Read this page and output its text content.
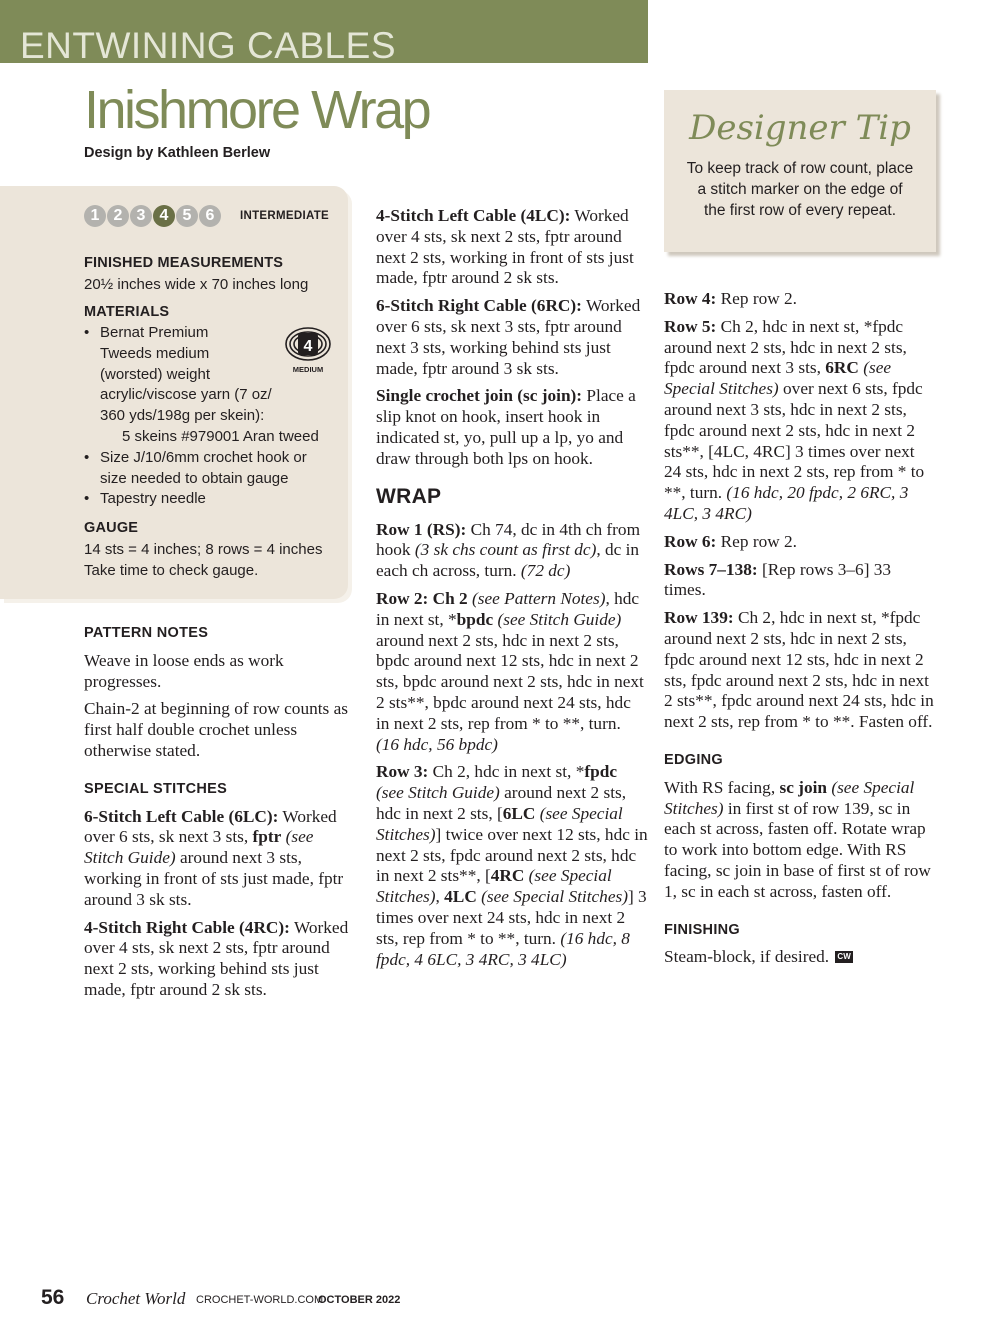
ENTWINING CABLES
Inishmore Wrap
Design by Kathleen Berlew
1 2 3 4 5 6	INTERMEDIATE
FINISHED MEASUREMENTS
20½ inches wide x 70 inches long
MATERIALS
• Bernat Premium
Tweeds medium
(worsted) weight
acrylic/viscose yarn (7 oz/
360 yds/198g per skein):
5 skeins #979001 Aran tweed
• Size J/10/6mm crochet hook or
size needed to obtain gauge
• Tapestry needle
4
MEDIUM
GAUGE
14 sts = 4 inches; 8 rows = 4 inches
Take time to check gauge.
PATTERN NOTES

Weave in loose ends as work progresses.

Chain-2 at beginning of row counts as first half double crochet unless otherwise stated.

SPECIAL STITCHES

6-Stitch Left Cable (6LC): Worked over 6 sts, sk next 3 sts, fptr (see Stitch Guide) around next 3 sts, working in front of sts just made, fptr around 3 sk sts.

4-Stitch Right Cable (4RC): Worked over 4 sts, sk next 2 sts, fptr around next 2 sts, working behind sts just made, fptr around 2 sk sts.

4-Stitch Left Cable (4LC): Worked over 4 sts, sk next 2 sts, fptr around next 2 sts, working in front of sts just made, fptr around 2 sk sts.

6-Stitch Right Cable (6RC): Worked over 6 sts, sk next 3 sts, fptr around next 3 sts, working behind sts just made, fptr around 3 sk sts.

Single crochet join (sc join): Place a slip knot on hook, insert hook in indicated st, yo, pull up a lp, yo and draw through both lps on hook.

WRAP

Row 1 (RS): Ch 74, dc in 4th ch from hook (3 sk chs count as first dc), dc in each ch across, turn. (72 dc)

Row 2: Ch 2 (see Pattern Notes), hdc in next st, *bpdc (see Stitch Guide) around next 2 sts, hdc in next 2 sts, bpdc around next 12 sts, hdc in next 2 sts, bpdc around next 2 sts, hdc in next 2 sts**, bpdc around next 24 sts, hdc in next 2 sts, rep from * to **, turn. (16 hdc, 56 bpdc)

Row 3: Ch 2, hdc in next st, *fpdc (see Stitch Guide) around next 2 sts, hdc in next 2 sts, [6LC (see Special Stitches)] twice over next 12 sts, hdc in next 2 sts, fpdc around next 2 sts, hdc in next 2 sts**, [4RC (see Special Stitches), 4LC (see Special Stitches)] 3 times over next 24 sts, hdc in next 2 sts, rep from * to **, turn. (16 hdc, 8 fpdc, 4 6LC, 3 4RC, 3 4LC)

Designer Tip
To keep track of row count, place
a stitch marker on the edge of
the first row of every repeat.

Row 4: Rep row 2.

Row 5: Ch 2, hdc in next st, *fpdc around next 2 sts, hdc in next 2 sts, fpdc around next 3 sts, 6RC (see Special Stitches) over next 6 sts, fpdc around next 3 sts, hdc in next 2 sts, fpdc around next 2 sts, hdc in next 2 sts**, [4LC, 4RC] 3 times over next 24 sts, hdc in next 2 sts, rep from * to **, turn. (16 hdc, 20 fpdc, 2 6RC, 3 4LC, 3 4RC)

Row 6: Rep row 2.

Rows 7–138: [Rep rows 3–6] 33 times.

Row 139: Ch 2, hdc in next st, *fpdc around next 2 sts, hdc in next 2 sts, fpdc around next 12 sts, hdc in next 2 sts, fpdc around next 2 sts, hdc in next 2 sts**, fpdc around next 24 sts, hdc in next 2 sts, rep from * to **. Fasten off.

EDGING

With RS facing, sc join (see Special Stitches) in first st of row 139, sc in each st across, fasten off. Rotate wrap to work into bottom edge. With RS facing, sc join in base of first st of row 1, sc in each st across, fasten off.

FINISHING

Steam-block, if desired. CW

56 Crochet World CROCHET-WORLD.COM
OCTOBER 2022
